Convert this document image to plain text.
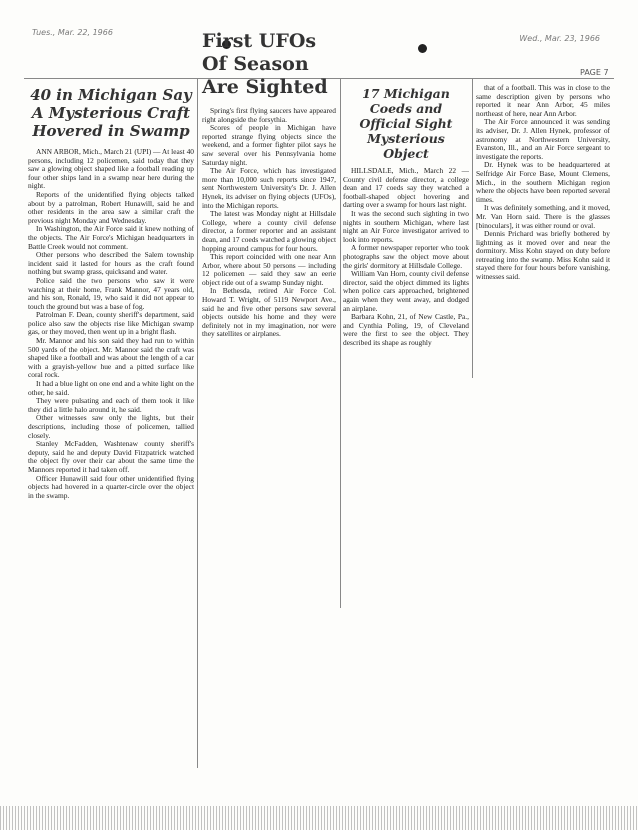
Tues., Mar. 22, 1966
Wed., Mar. 23, 1966
PAGE 7
40 in Michigan Say A Mysterious Craft Hovered in Swamp

ANN ARBOR, Mich., March 21 (UPI) — At least 40 persons, including 12 policemen, said today that they saw a glowing object shaped like a football reading up four other ships land in a swamp near here during the night.

Reports of the unidentified flying objects talked about by a patrolman, Robert Hunawill, said he and other residents in the area saw a similar craft the previous night Monday and Wednesday.

In Washington, the Air Force said it knew nothing of the objects. The Air Force's Michigan headquarters in Battle Creek would not comment.

Other persons who described the Salem township incident said it lasted for hours as the craft found nothing but swamp grass, quicksand and water.

Police said the two persons who saw it were watching at their home, Frank Mannor, 47 years old, and his son, Ronald, 19, who said it did not appear to touch the ground but was a base of fog.

Patrolman F. Dean, county sheriff's department, said police also saw the objects rise like Michigan swamp gas, or they moved, then went up in a bright flash.

Mr. Mannor and his son said they had run to within 500 yards of the object. Mr. Mannor said the craft was shaped like a football and was about the length of a car with a grayish-yellow hue and a pitted surface like coral rock.

It had a blue light on one end and a white light on the other, he said.

They were pulsating and each of them took it like they did a little halo around it, he said.

Other witnesses saw only the lights, but their descriptions, including those of policemen, tallied closely.

Stanley McFadden, Washtenaw county sheriff's deputy, said he and deputy David Fitzpatrick watched the object fly over their car about the same time the Mannors reported it had taken off.

Officer Hunawill said four other unidentified flying objects had hovered in a quarter-circle over the object in the swamp.

First UFOs Of Season Are Sighted

Spring's first flying saucers have appeared right alongside the forsythia.

Scores of people in Michigan have reported strange flying objects since the weekend, and a former fighter pilot says he saw several over his Pennsylvania home Saturday night.

The Air Force, which has investigated more than 10,000 such reports since 1947, sent Northwestern University's Dr. J. Allen Hynek, its adviser on flying objects (UFOs), into the Michigan reports.

The latest was Monday night at Hillsdale College, where a county civil defense director, a former reporter and an assistant dean, and 17 coeds watched a glowing object hopping around campus for four hours.

This report coincided with one near Ann Arbor, where about 50 persons — including 12 policemen — said they saw an eerie object ride out of a swamp Sunday night.

In Bethesda, retired Air Force Col. Howard T. Wright, of 5119 Newport Ave., said he and five other persons saw several objects outside his home and they were definitely not in my imagination, nor were they satellites or airplanes.

17 Michigan Coeds and Official Sight Mysterious Object

HILLSDALE, Mich., March 22 — County civil defense director, a college dean and 17 coeds say they watched a football-shaped object hovering and darting over a swamp for hours last night.

It was the second such sighting in two nights in southern Michigan, where last night an Air Force investigator arrived to look into reports.

A former newspaper reporter who took photographs saw the object move about the girls' dormitory at Hillsdale College.

William Van Horn, county civil defense director, said the object dimmed its lights when police cars approached, brightened again when they went away, and dodged an airplane.

Barbara Kohn, 21, of New Castle, Pa., and Cynthia Poling, 19, of Cleveland were the first to see the object. They described its shape as roughly

that of a football. This was in close to the same description given by persons who reported it near Ann Arbor, 45 miles northeast of here, near Ann Arbor.

The Air Force announced it was sending its adviser, Dr. J. Allen Hynek, professor of astronomy at Northwestern University, Evanston, Ill., and an Air Force sergeant to investigate the reports.

Dr. Hynek was to be headquartered at Selfridge Air Force Base, Mount Clemens, Mich., in the southern Michigan region where the objects have been reported several times.

It was definitely something, and it moved, Mr. Van Horn said. There is the glasses [binoculars], it was either round or oval.

Dennis Prichard was briefly bothered by lightning as it moved over and near the dormitory. Miss Kohn stayed on duty before retreating into the swamp. Miss Kohn said it stayed there for four hours before vanishing, witnesses said.
